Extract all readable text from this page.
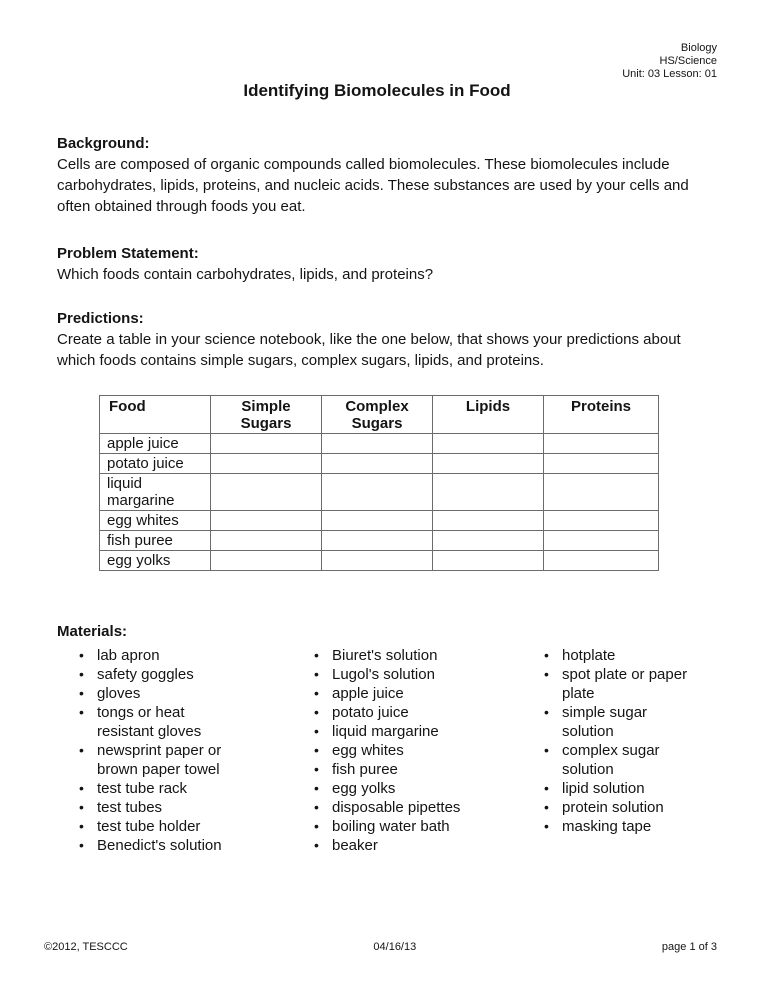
Biology
HS/Science
Unit: 03 Lesson: 01
Identifying Biomolecules in Food
Background:
Cells are composed of organic compounds called biomolecules. These biomolecules include carbohydrates, lipids, proteins, and nucleic acids. These substances are used by your cells and often obtained through foods you eat.
Problem Statement:
Which foods contain carbohydrates, lipids, and proteins?
Predictions:
Create a table in your science notebook, like the one below, that shows your predictions about which foods contains simple sugars, complex sugars, lipids, and proteins.
Food	Simple Sugars	Complex Sugars	Lipids	Proteins
apple juice				
potato juice				
liquid margarine				
egg whites				
fish puree				
egg yolks				
Materials:
• lab apron
• safety goggles
• gloves
• tongs or heat resistant gloves
• newsprint paper or brown paper towel
• test tube rack
• test tubes
• test tube holder
• Benedict's solution
• Biuret's solution
• Lugol's solution
• apple juice
• potato juice
• liquid margarine
• egg whites
• fish puree
• egg yolks
• disposable pipettes
• boiling water bath
• beaker
• hotplate
• spot plate or paper plate
• simple sugar solution
• complex sugar solution
• lipid solution
• protein solution
• masking tape
©2012, TESCCC	04/16/13	page 1 of 3
